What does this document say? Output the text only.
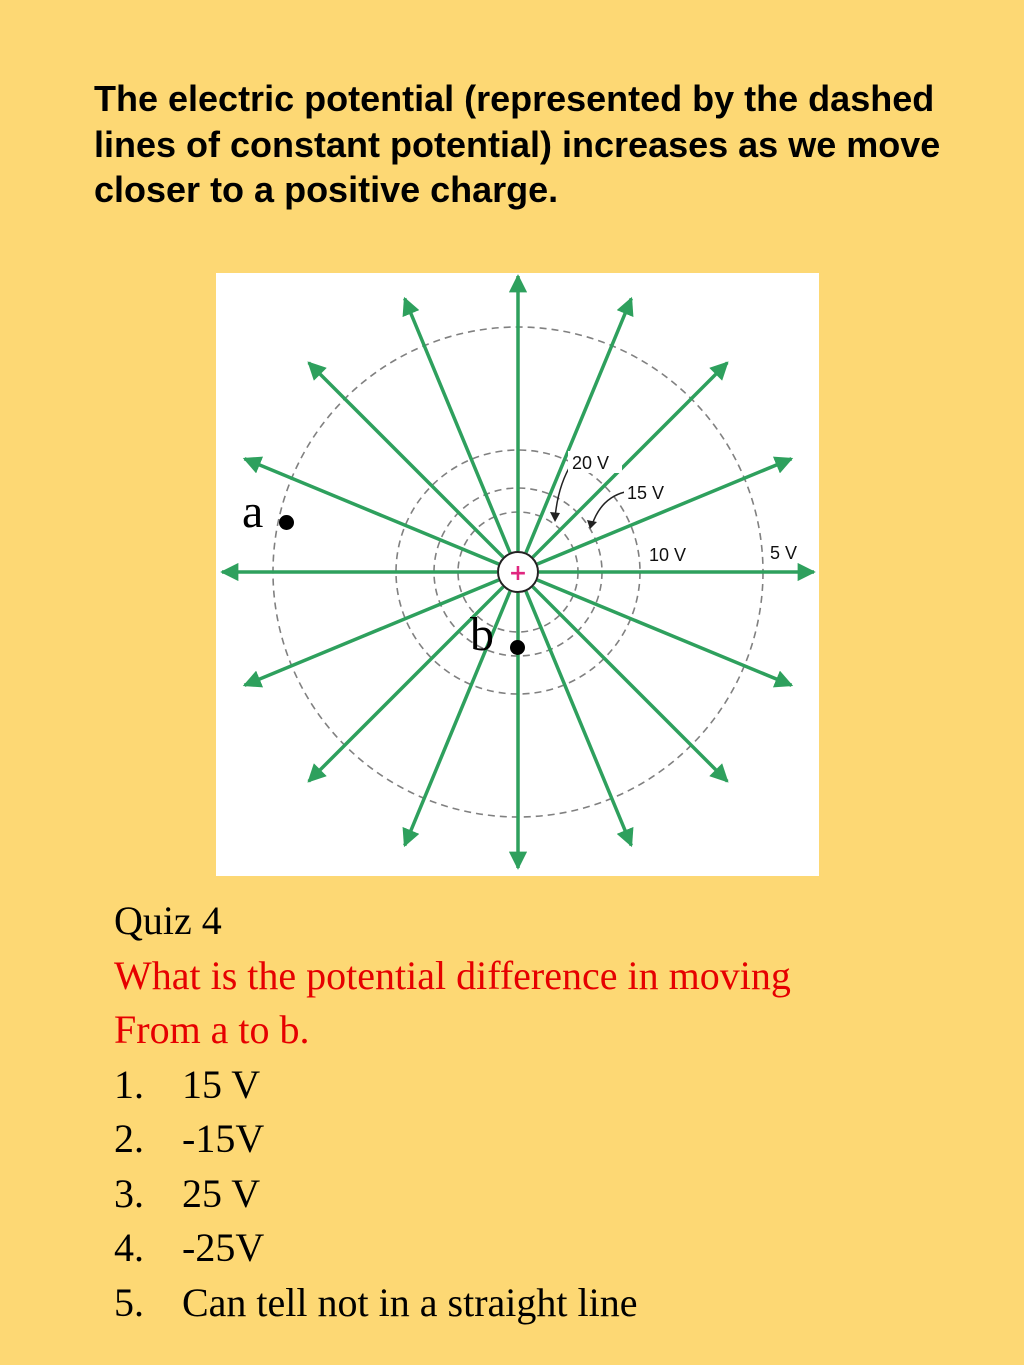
The electric potential (represented by the dashed lines of constant potential) increases as we move closer to a positive charge.
20 V
15 V
10 V	5 V
+
a
b
Quiz 4
What is the potential difference in moving
From a to b.
1. 15 V
2. -15V
3. 25 V
4. -25V
5. Can tell not in a straight line
